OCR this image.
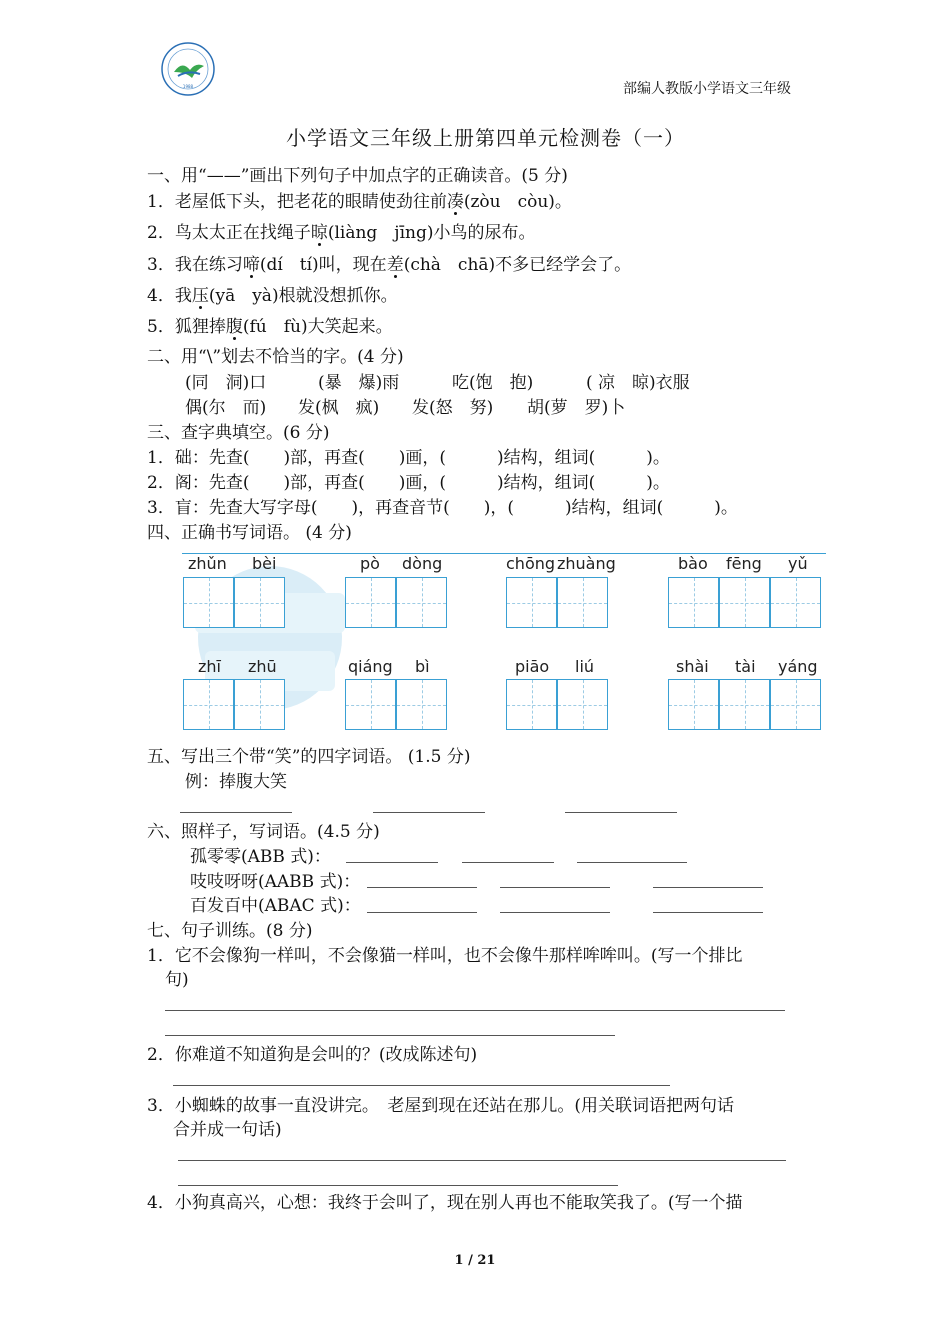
1988	部编人教版小学语文三年级
小学语文三年级上册第四单元检测卷（一）
一、用“——”画出下列句子中加点字的正确读音。(5 分)
1．老屋低下头，把老花的眼睛使劲往前凑(zòu　còu)。
2．鸟太太正在找绳子晾(liàng　jīng)小鸟的尿布。
3．我在练习啼(dí　tí)叫，现在差(chà　chā)不多已经学会了。
4．我压(yā　yà)根就没想抓你。
5．狐狸捧腹(fú　fù)大笑起来。
二、用“\”划去不恰当的字。(4 分)
(同　洞)口	(暴　爆)雨	吃(饱　抱)	( 凉　晾)衣服
偶(尔　而) 发(枫　疯) 发(怒　努) 胡(萝　罗)卜
三、查字典填空。(6 分)
1．础：先查(　　)部，再查(　　)画，(　　　)结构，组词(　　　)。
2．阁：先查(　　)部，再查(　　)画，(　　　)结构，组词(　　　)。
3．盲：先查大写字母(　　)，再查音节(　　)，(　　　)结构，组词(　　　)。
四、正确书写词语。 (4 分)
zhǔn bèi	pò dòng	chōng zhuàng	bào fēng yǔ
zhī zhū	qiáng bì	piāo liú	shài tài yáng
五、写出三个带“笑”的四字词语。 (1.5 分)
例：捧腹大笑
六、照样子，写词语。(4.5 分)
孤零零(ABB 式)：
吱吱呀呀(AABB 式)：
百发百中(ABAC 式)：
七、句子训练。(8 分)
1．它不会像狗一样叫，不会像猫一样叫，也不会像牛那样哞哞叫。(写一个排比
句)
2．你难道不知道狗是会叫的？(改成陈述句)
3．小蜘蛛的故事一直没讲完。　老屋到现在还站在那儿。(用关联词语把两句话
合并成一句话)
4．小狗真高兴，心想：我终于会叫了，现在别人再也不能取笑我了。(写一个描
1 / 21
